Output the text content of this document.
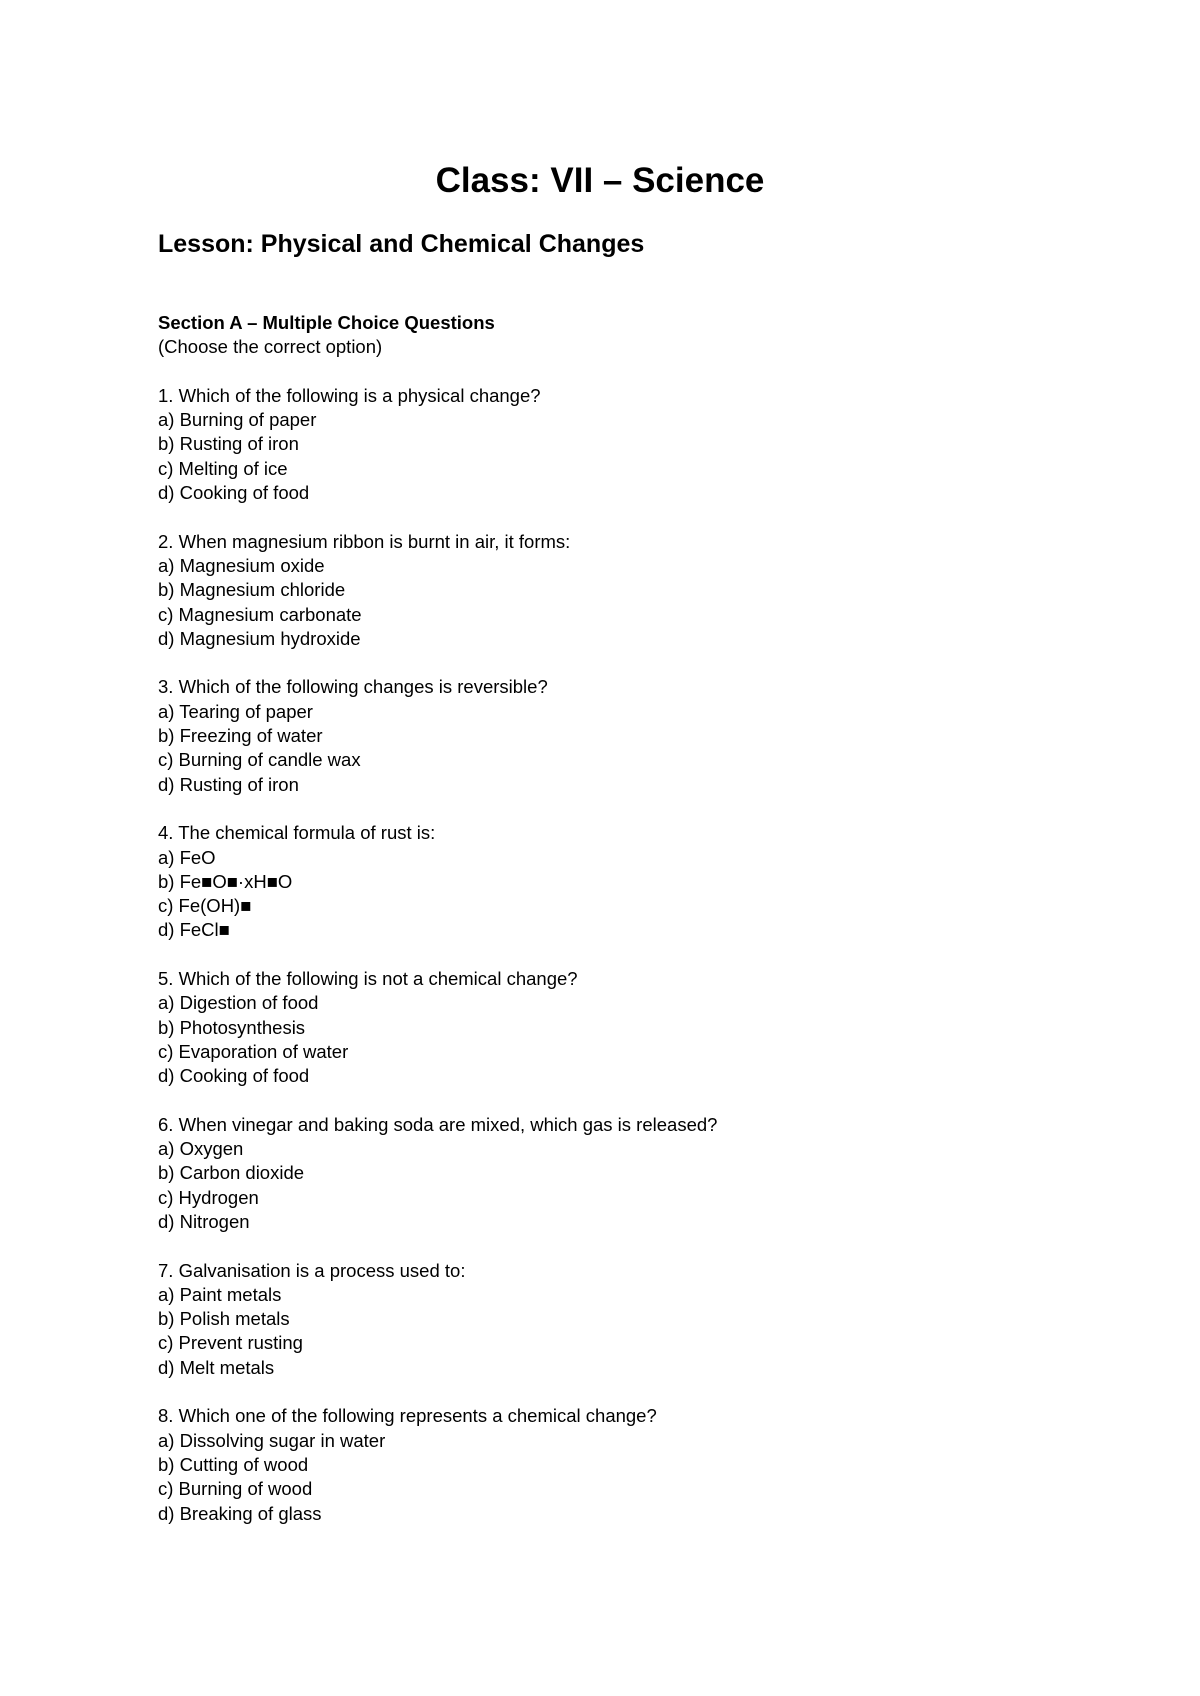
Class: VII – Science
Lesson: Physical and Chemical Changes

Section A – Multiple Choice Questions

(Choose the correct option)

1. Which of the following is a physical change?

a) Burning of paper

b) Rusting of iron

c) Melting of ice

d) Cooking of food

2. When magnesium ribbon is burnt in air, it forms:

a) Magnesium oxide

b) Magnesium chloride

c) Magnesium carbonate

d) Magnesium hydroxide

3. Which of the following changes is reversible?

a) Tearing of paper

b) Freezing of water

c) Burning of candle wax

d) Rusting of iron

4. The chemical formula of rust is:

a) FeO

b) Fe■O■·xH■O

c) Fe(OH)■

d) FeCl■

5. Which of the following is not a chemical change?

a) Digestion of food

b) Photosynthesis

c) Evaporation of water

d) Cooking of food

6. When vinegar and baking soda are mixed, which gas is released?

a) Oxygen

b) Carbon dioxide

c) Hydrogen

d) Nitrogen

7. Galvanisation is a process used to:

a) Paint metals

b) Polish metals

c) Prevent rusting

d) Melt metals

8. Which one of the following represents a chemical change?

a) Dissolving sugar in water

b) Cutting of wood

c) Burning of wood

d) Breaking of glass
